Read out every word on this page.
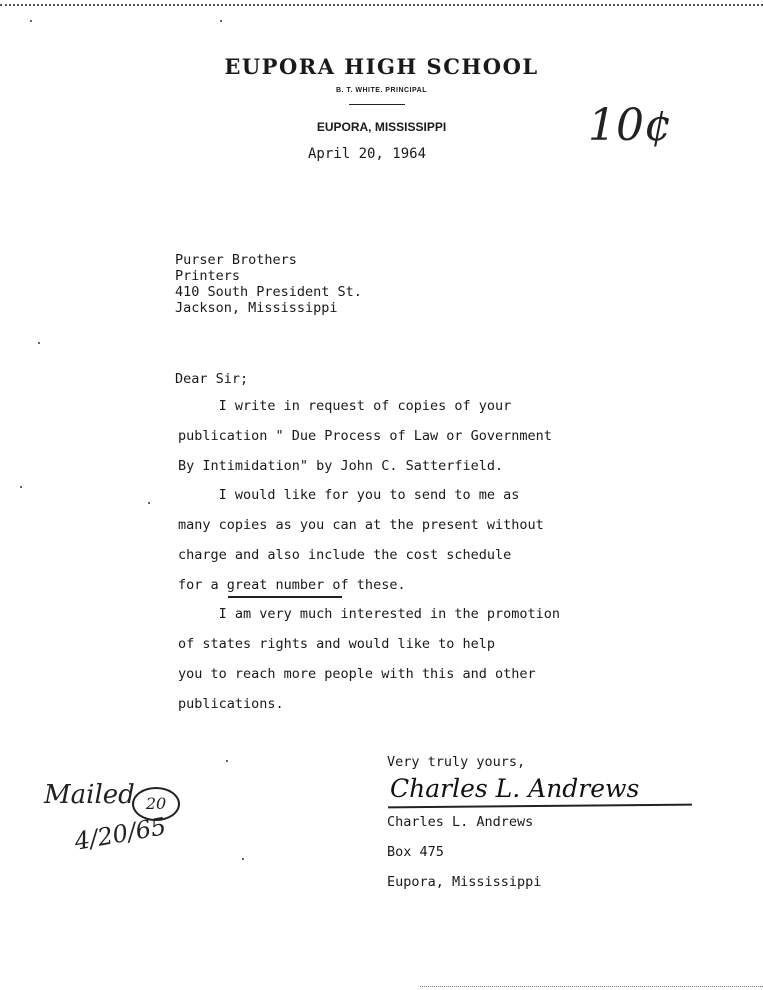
EUPORA HIGH SCHOOL
B. T. WHITE. PRINCIPAL
EUPORA, MISSISSIPPI
April 20, 1964
10¢
Purser Brothers
Printers
410 South President St.
Jackson, Mississippi
Dear Sir;
I write in request of copies of your
publication " Due Process of Law or Government
By Intimidation" by John C. Satterfield.
I would like for you to send to me as
many copies as you can at the present without
charge and also include the cost schedule
for a great number of these.
I am very much interested in the promotion
of states rights and would like to help
you to reach more people with this and other
publications.
Very truly yours,
Charles L. Andrews
Charles L. Andrews
Box 475
Eupora, Mississippi
Mailed 20
4/20/65
